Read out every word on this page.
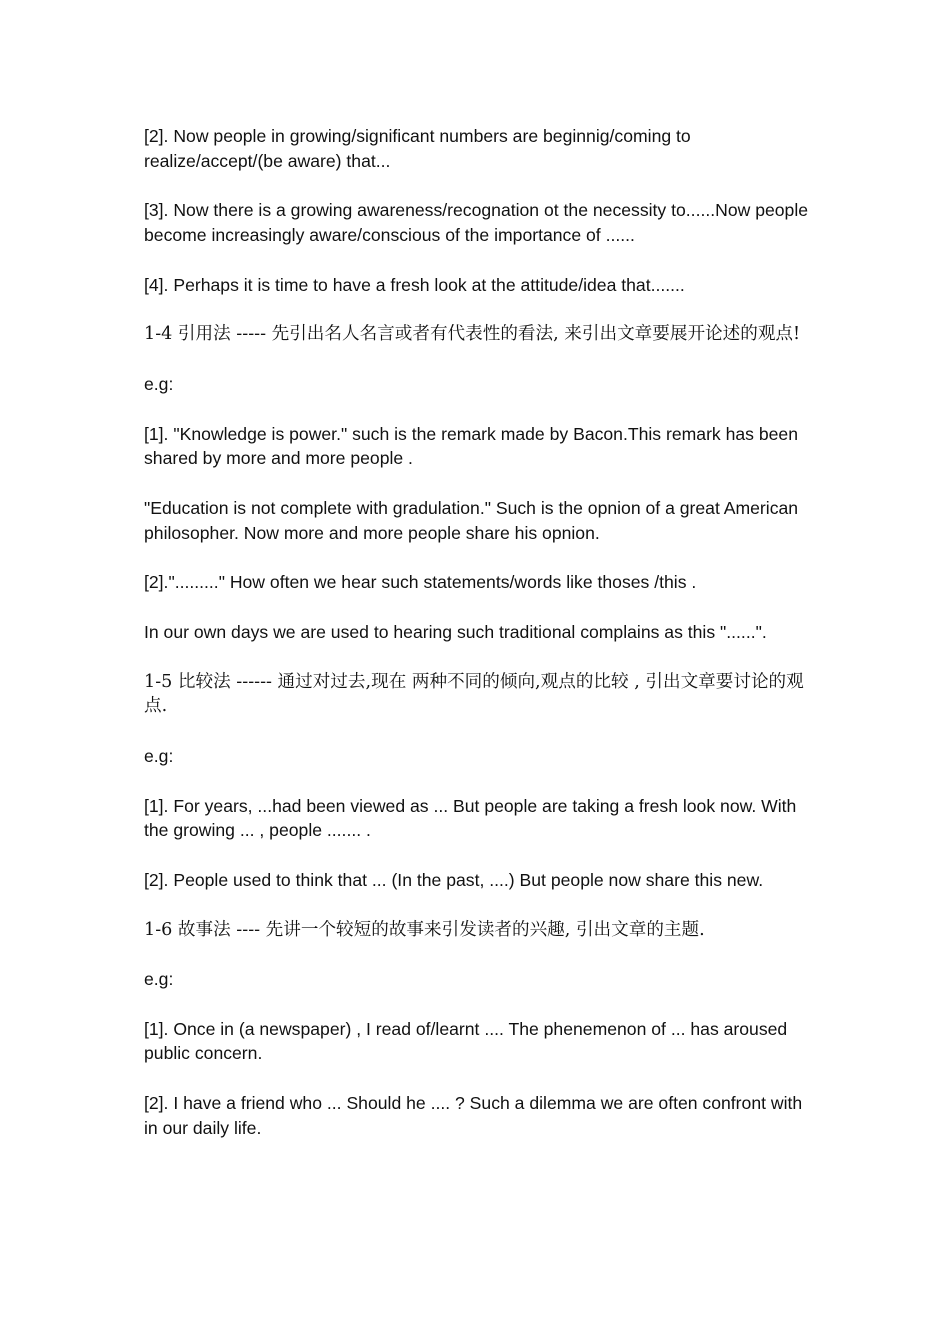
[2]. Now people in growing/significant numbers are beginnig/coming to realize/accept/(be aware) that...

[3]. Now there is a growing awareness/recognation ot the necessity to......Now people become increasingly aware/conscious of the importance of ......

[4]. Perhaps it is time to have a fresh look at the attitude/idea that.......

1-4 引用法 ----- 先引出名人名言或者有代表性的看法, 来引出文章要展开论述的观点!

e.g:

[1]. "Knowledge is power." such is the remark made by Bacon.This remark has been shared by more and more people .

"Education is not complete with gradulation." Such is the opnion of a great American philosopher. Now more and more people share his opnion.

[2]."........." How often we hear such statements/words like thoses /this .

In our own days we are used to hearing such traditional complains as this "......".

1-5 比较法 ------ 通过对过去,现在 两种不同的倾向,观点的比较 , 引出文章要讨论的观点.

e.g:

[1]. For years, ...had been viewed as ... But people are taking a fresh look now. With the growing ... , people ....... .

[2]. People used to think that ... (In the past, ....) But people now share this new.

1-6 故事法 ---- 先讲一个较短的故事来引发读者的兴趣, 引出文章的主题.

e.g:

[1]. Once in (a newspaper) , I read of/learnt .... The phenemenon of ... has aroused public concern.

[2]. I have a friend who ... Should he .... ? Such a dilemma we are often confront with in our daily life.
